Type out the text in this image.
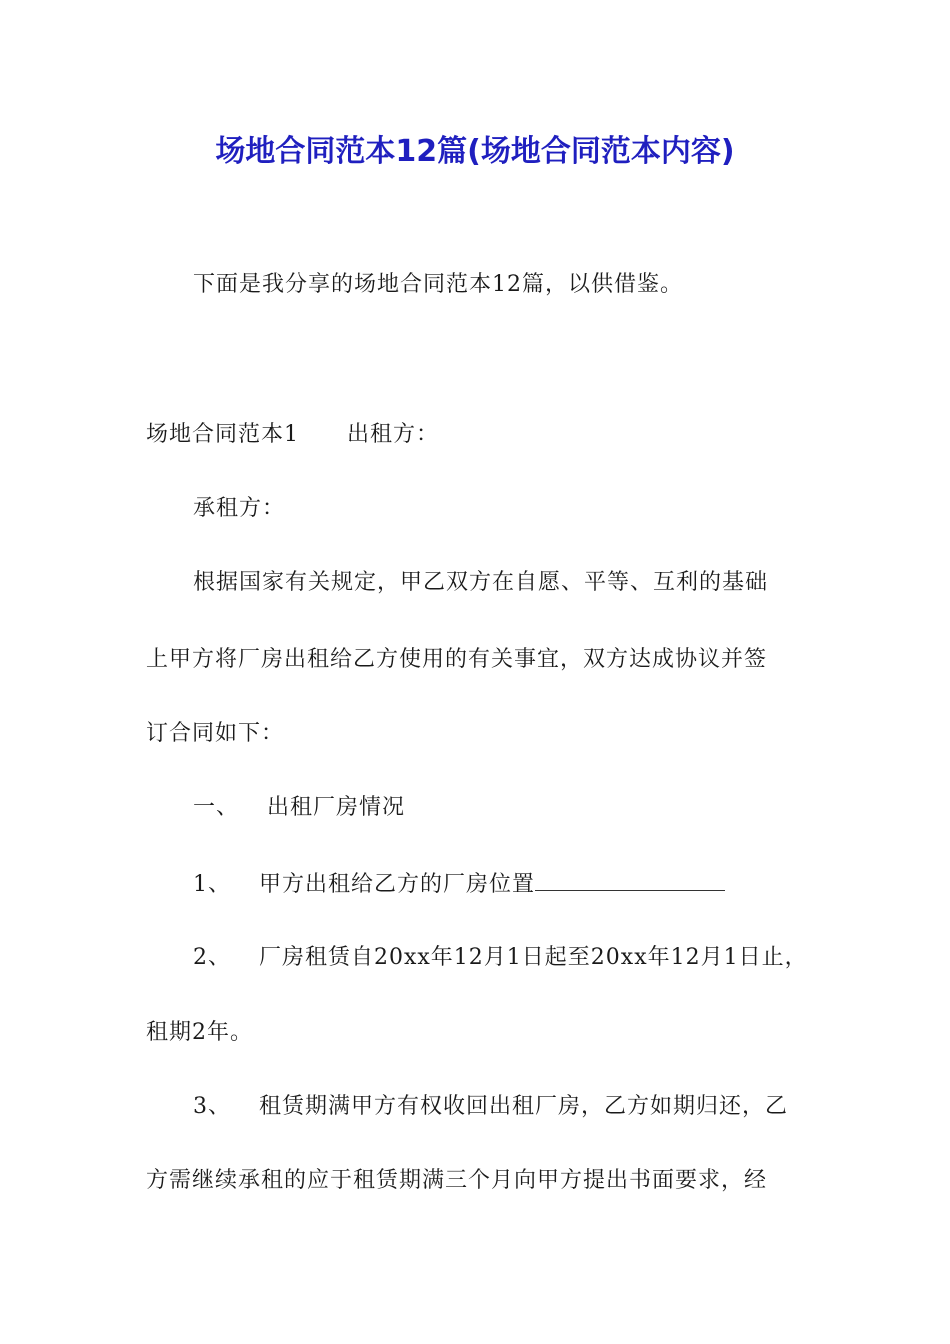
场地合同范本12篇(场地合同范本内容)
下面是我分享的场地合同范本12篇，以供借鉴。
场地合同范本1 出租方：
承租方：
根据国家有关规定，甲乙双方在自愿、平等、互利的基础
上甲方将厂房出租给乙方使用的有关事宜，双方达成协议并签
订合同如下：
一、 出租厂房情况
1、 甲方出租给乙方的厂房位置
2、 厂房租赁自20xx年12月1日起至20xx年12月1日止，
租期2年。
3、 租赁期满甲方有权收回出租厂房，乙方如期归还，乙
方需继续承租的应于租赁期满三个月向甲方提出书面要求，经
